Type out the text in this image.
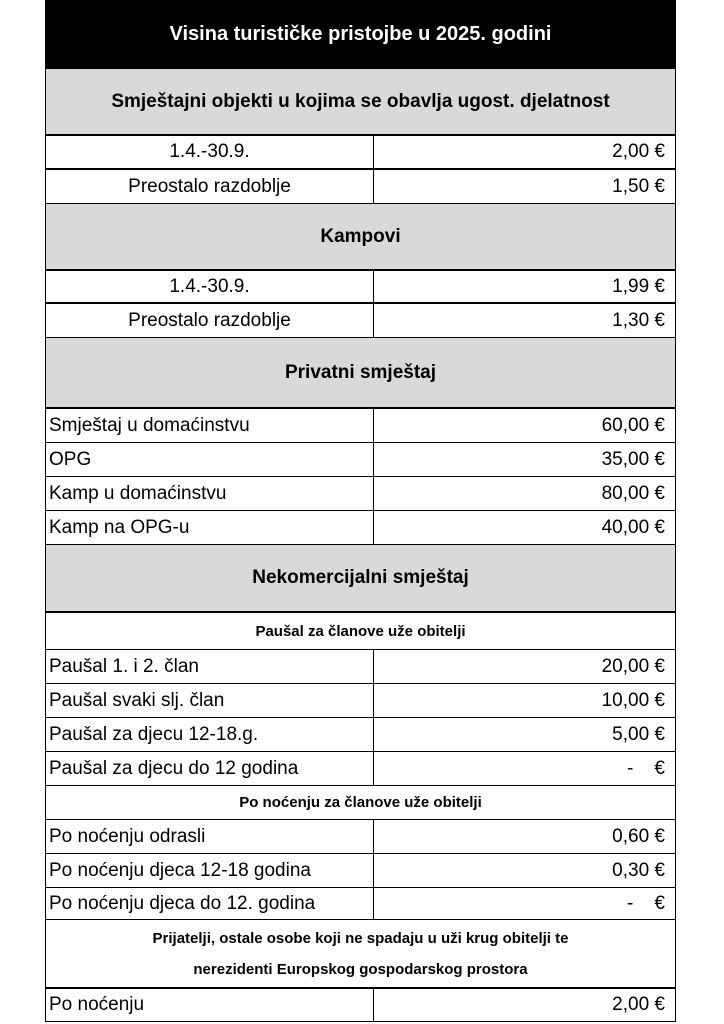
Visina turističke pristojbe u 2025. godini
Smještajni objekti u kojima se obavlja ugost. djelatnost
1.4.-30.9.	2,00 €
Preostalo razdoblje	1,50 €
Kampovi
1.4.-30.9.	1,99 €
Preostalo razdoblje	1,30 €
Privatni smještaj
Smještaj u domaćinstvu	60,00 €
OPG	35,00 €
Kamp u domaćinstvu	80,00 €
Kamp na OPG-u	40,00 €
Nekomercijalni smještaj
Paušal za članove uže obitelji
Paušal 1. i 2. član	20,00 €
Paušal svaki slj. član	10,00 €
Paušal za djecu 12-18.g.	5,00 €
Paušal za djecu do 12 godina	-    €
Po noćenju za članove uže obitelji
Po noćenju odrasli	0,60 €
Po noćenju djeca 12-18 godina	0,30 €
Po noćenju djeca do 12. godina	-    €
Prijatelji, ostale osobe koji ne spadaju u uži krug obitelji te
nerezidenti Europskog gospodarskog prostora
Po noćenju	2,00 €
